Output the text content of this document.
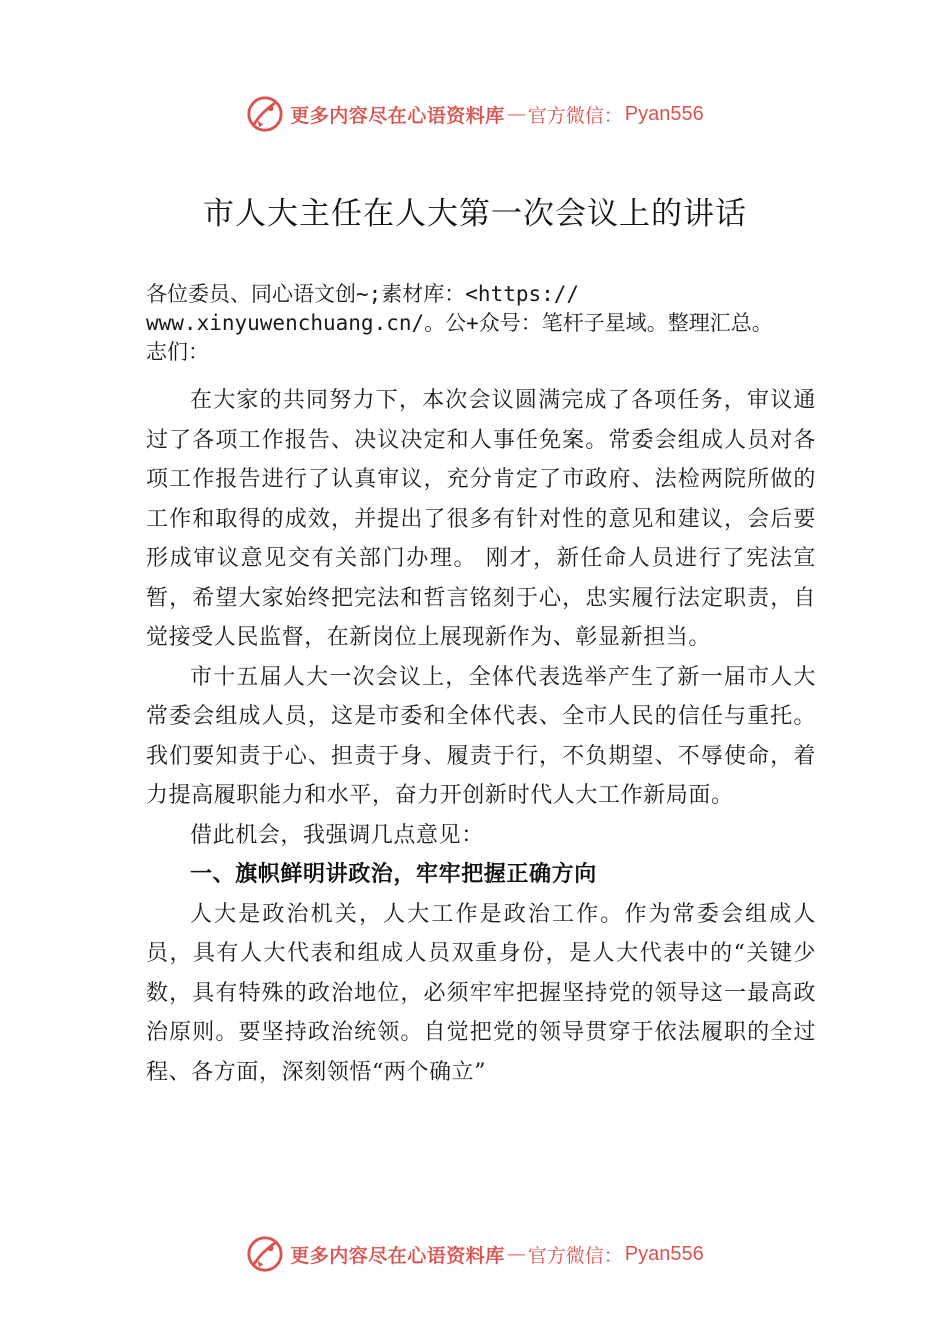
更多内容尽在心语资料库 — 官方微信： Pyan556
市人大主任在人大第一次会议上的讲话

各位委员、同心语文创~;素材库：<https://

www.xinyuwenchuang.cn/。公+众号：笔杆子星域。整理汇总。

志们：

在大家的共同努力下，本次会议圆满完成了各项任务，审议通过了各项工作报告、决议决定和人事任免案。常委会组成人员对各项工作报告进行了认真审议，充分肯定了市政府、法检两院所做的工作和取得的成效，并提出了很多有针对性的意见和建议，会后要形成审议意见交有关部门办理。 刚才，新任命人员进行了宪法宣暂，希望大家始终把完法和哲言铭刻于心，忠实履行法定职责，自觉接受人民监督，在新岗位上展现新作为、彰显新担当。

市十五届人大一次会议上，全体代表选举产生了新一届市人大常委会组成人员，这是市委和全体代表、全市人民的信任与重托。我们要知责于心、担责于身、履责于行，不负期望、不辱使命，着力提高履职能力和水平，奋力开创新时代人大工作新局面。

借此机会，我强调几点意见：

一、旗帜鲜明讲政治，牢牢把握正确方向

人大是政治机关，人大工作是政治工作。作为常委会组成人员，具有人大代表和组成人员双重身份，是人大代表中的“关键少数，具有特殊的政治地位，必须牢牢把握坚持党的领导这一最高政治原则。要坚持政治统领。自觉把党的领导贯穿于依法履职的全过程、各方面，深刻领悟“两个确立”

更多内容尽在心语资料库 — 官方微信： Pyan556
